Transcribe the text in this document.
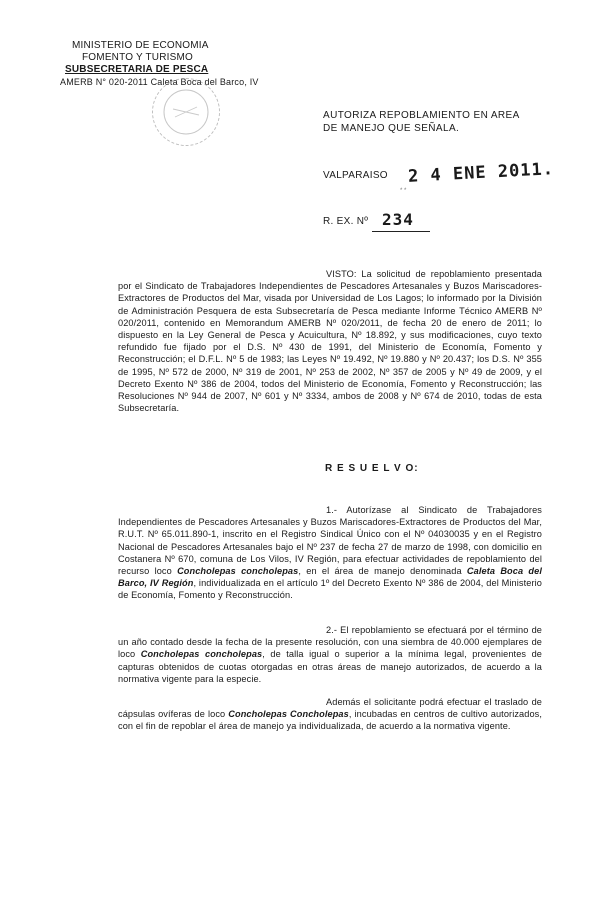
MINISTERIO DE ECONOMIA
FOMENTO Y TURISMO
SUBSECRETARIA DE PESCA
AMERB N° 020-2011 Caleta Boca del Barco, IV
AUTORIZA REPOBLAMIENTO EN AREA
DE MANEJO QUE SEÑALA.
VALPARAISO 2 4 ENE 2011.
R. EX. Nº 234
* *
VISTO: La solicitud de repoblamiento presentada por el Sindicato de Trabajadores Independientes de Pescadores Artesanales y Buzos Mariscadores-Extractores de Productos del Mar, visada por Universidad de Los Lagos; lo informado por la División de Administración Pesquera de esta Subsecretaría de Pesca mediante Informe Técnico AMERB Nº 020/2011, contenido en Memorandum AMERB Nº 020/2011, de fecha 20 de enero de 2011; lo dispuesto en la Ley General de Pesca y Acuicultura, Nº 18.892, y sus modificaciones, cuyo texto refundido fue fijado por el D.S. Nº 430 de 1991, del Ministerio de Economía, Fomento y Reconstrucción; el D.F.L. Nº 5 de 1983; las Leyes Nº 19.492, Nº 19.880 y Nº 20.437; los D.S. Nº 355 de 1995, Nº 572 de 2000, Nº 319 de 2001, Nº 253 de 2002, Nº 357 de 2005 y Nº 49 de 2009, y el Decreto Exento Nº 386 de 2004, todos del Ministerio de Economía, Fomento y Reconstrucción; las Resoluciones Nº 944 de 2007, Nº 601 y Nº 3334, ambos de 2008 y Nº 674 de 2010, todas de esta Subsecretaría.
R E S U E L V O:
1.- Autorízase al Sindicato de Trabajadores Independientes de Pescadores Artesanales y Buzos Mariscadores-Extractores de Productos del Mar, R.U.T. Nº 65.011.890-1, inscrito en el Registro Sindical Único con el Nº 04030035 y en el Registro Nacional de Pescadores Artesanales bajo el Nº 237 de fecha 27 de marzo de 1998, con domicilio en Costanera Nº 670, comuna de Los Vilos, IV Región, para efectuar actividades de repoblamiento del recurso loco Concholepas concholepas, en el área de manejo denominada Caleta Boca del Barco, IV Región, individualizada en el artículo 1º del Decreto Exento Nº 386 de 2004, del Ministerio de Economía, Fomento y Reconstrucción.
2.- El repoblamiento se efectuará por el término de un año contado desde la fecha de la presente resolución, con una siembra de 40.000 ejemplares de loco Concholepas concholepas, de talla igual o superior a la mínima legal, provenientes de capturas obtenidos de cuotas otorgadas en otras áreas de manejo autorizados, de acuerdo a la normativa vigente para la especie.
Además el solicitante podrá efectuar el traslado de cápsulas ovíferas de loco Concholepas Concholepas, incubadas en centros de cultivo autorizados, con el fin de repoblar el área de manejo ya individualizada, de acuerdo a la normativa vigente.
